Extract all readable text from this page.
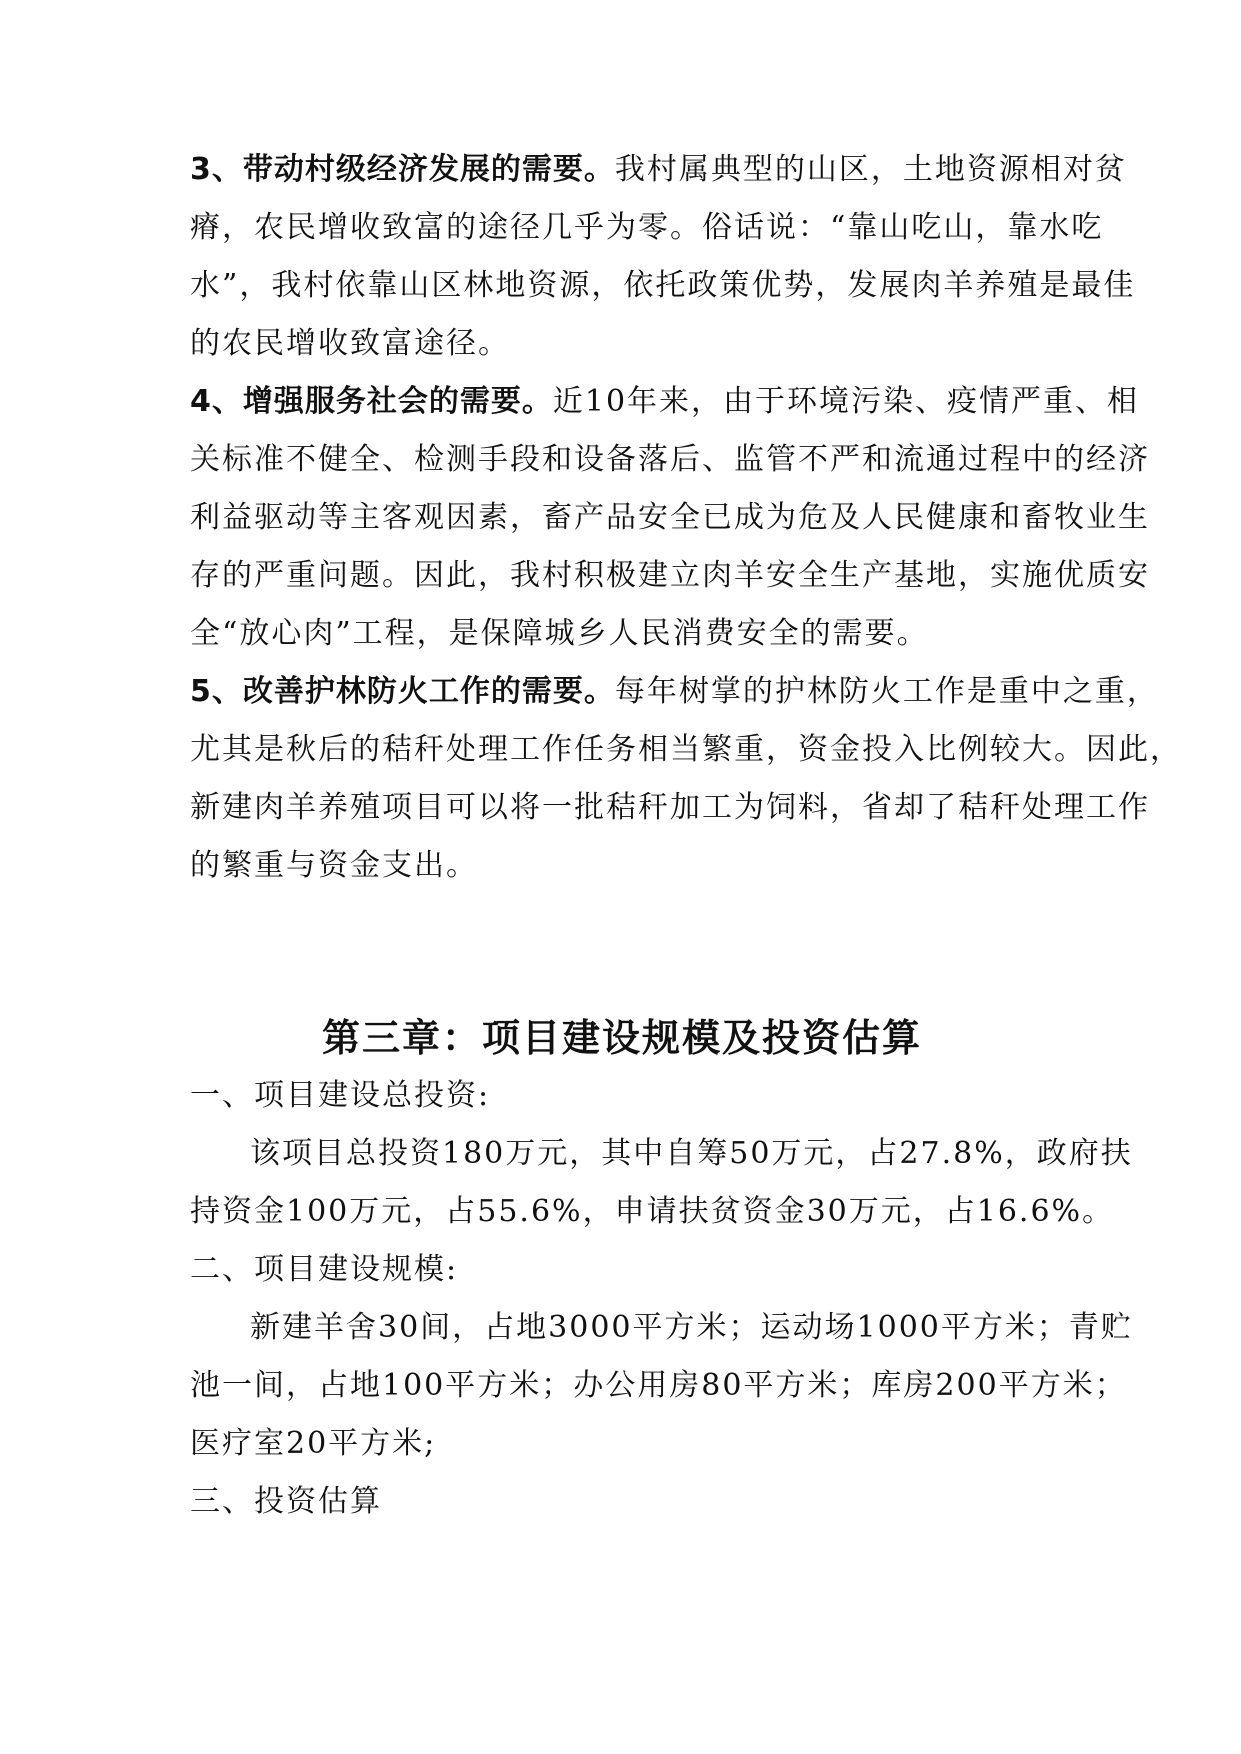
3、带动村级经济发展的需要。我村属典型的山区，土地资源相对贫
瘠，农民增收致富的途径几乎为零。俗话说：“靠山吃山，靠水吃
水”，我村依靠山区林地资源，依托政策优势，发展肉羊养殖是最佳
的农民增收致富途径。
4、增强服务社会的需要。近10年来，由于环境污染、疫情严重、相
关标准不健全、检测手段和设备落后、监管不严和流通过程中的经济
利益驱动等主客观因素，畜产品安全已成为危及人民健康和畜牧业生
存的严重问题。因此，我村积极建立肉羊安全生产基地，实施优质安
全“放心肉”工程，是保障城乡人民消费安全的需要。
5、改善护林防火工作的需要。每年树掌的护林防火工作是重中之重，
尤其是秋后的秸秆处理工作任务相当繁重，资金投入比例较大。因此，
新建肉羊养殖项目可以将一批秸秆加工为饲料，省却了秸秆处理工作
的繁重与资金支出。
第三章：项目建设规模及投资估算
一、项目建设总投资:
该项目总投资180万元，其中自筹50万元，占27.8%，政府扶
持资金100万元，占55.6%，申请扶贫资金30万元，占16.6%。
二、项目建设规模:
新建羊舍30间，占地3000平方米；运动场1000平方米；青贮
池一间，占地100平方米；办公用房80平方米；库房200平方米；
医疗室20平方米;
三、投资估算
